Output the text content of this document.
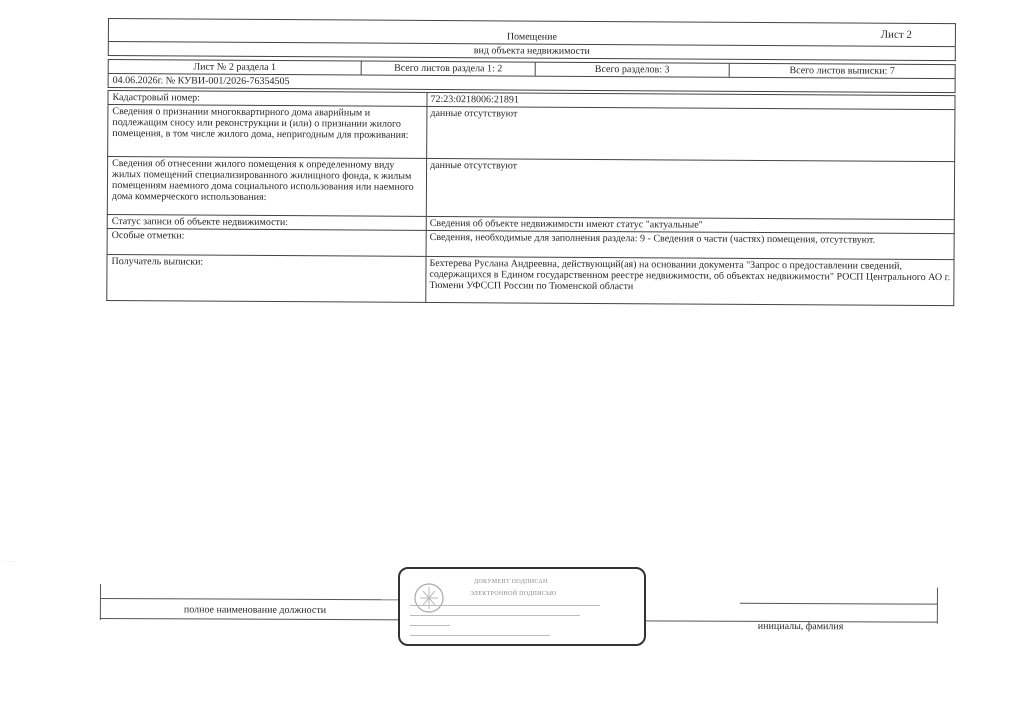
·· ·····
Лист 2
Помещение
вид объекта недвижимости
Лист № 2 раздела 1	Всего листов раздела 1: 2	Всего разделов: 3	Всего листов выписки: 7
04.06.2026г. № КУВИ-001/2026-76354505
Кадастровый номер:	72:23:0218006:21891
Сведения о признании многоквартирного дома аварийным и подлежащим сносу или реконструкции и (или) о признании жилого помещения, в том числе жилого дома, непригодным для проживания:
данные отсутствуют
Сведения об отнесении жилого помещения к определенному виду жилых помещений специализированного жилищного фонда, к жилым помещениям наемного дома социального использования или наемного дома коммерческого использования:
данные отсутствуют
Статус записи об объекте недвижимости:	Сведения об объекте недвижимости имеют статус "актуальные"
Особые отметки:	Сведения, необходимые для заполнения раздела: 9 - Сведения о части (частях) помещения, отсутствуют.
Получатель выписки:	Бехтерева Руслана Андреевна, действующий(ая) на основании документа "Запрос о предоставлении сведений, содержащихся в Едином государственном реестре недвижимости, об объектах недвижимости" РОСП Центрального АО г. Тюмени УФССП России по Тюменской области
полное наименование должности
инициалы, фамилия
ДОКУМЕНТ ПОДПИСАН
ЭЛЕКТРОННОЙ ПОДПИСЬЮ
